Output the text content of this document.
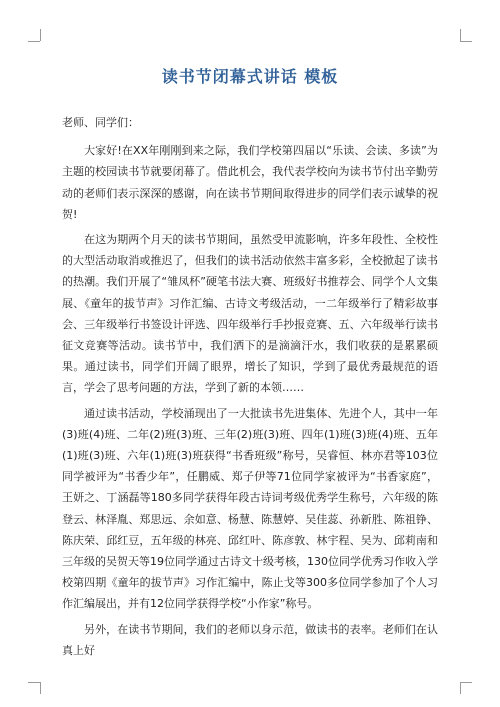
读书节闭幕式讲话 模板

老师、同学们：

大家好!在XX年刚刚到来之际，我们学校第四届以“乐读、会读、多读”为主题的校园读书节就要闭幕了。借此机会，我代表学校向为读书节付出辛勤劳动的老师们表示深深的感谢，向在读书节期间取得进步的同学们表示诚挚的祝贺!

在这为期两个月天的读书节期间，虽然受甲流影响，许多年段性、全校性的大型活动取消或推迟了，但我们的读书活动依然丰富多彩，全校掀起了读书的热潮。我们开展了“雏凤杯”硬笔书法大赛、班级好书推荐会、同学个人文集展、《童年的拔节声》习作汇编、古诗文考级活动，一二年级举行了精彩故事会、三年级举行书签设计评选、四年级举行手抄报竞赛、五、六年级举行读书征文竞赛等活动。读书节中，我们洒下的是滴滴汗水，我们收获的是累累硕果。通过读书，同学们开阔了眼界，增长了知识，学到了最优秀最规范的语言，学会了思考问题的方法，学到了新的本领……

通过读书活动，学校涌现出了一大批读书先进集体、先进个人，其中一年(3)班(4)班、二年(2)班(3)班、三年(2)班(3)班、四年(1)班(3)班(4)班、五年(1)班(3)班、六年(1)班(3)班获得“书香班级”称号，吴睿恒、林亦君等103位同学被评为“书香少年”，任鹏威、郑子伊等71位同学家被评为“书香家庭”，王妍之、丁涵磊等180多同学获得年段古诗词考级优秀学生称号，六年级的陈登云、林泽胤、郑思远、余如意、杨慧、陈慧婷、吴佳蕊、孙新胜、陈祖铮、陈庆荣、邱红豆，五年级的林亮、邱红叶、陈彦敦、林宇程、吴为、邱莉南和三年级的吴贺天等19位同学通过古诗文十级考核，130位同学优秀习作收入学校第四期《童年的拔节声》习作汇编中，陈止戈等300多位同学参加了个人习作汇编展出，并有12位同学获得学校“小作家”称号。

另外，在读书节期间，我们的老师以身示范，做读书的表率。老师们在认真上好
